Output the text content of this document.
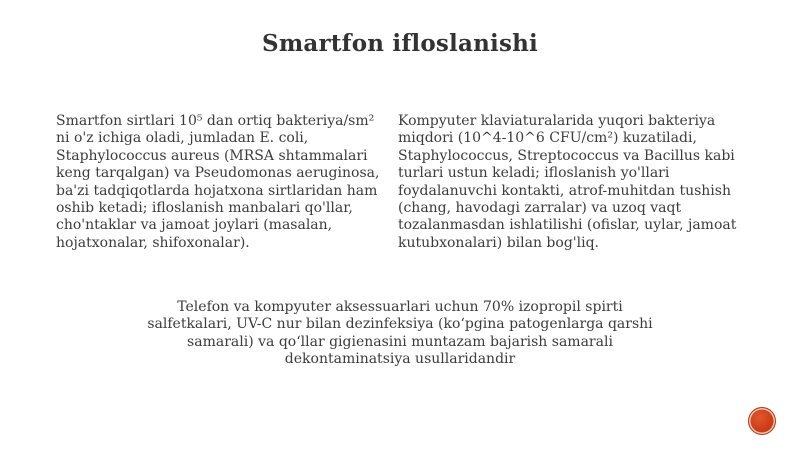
Smartfon ifloslanishi
Smartfon sirtlari 10⁵ dan ortiq bakteriya/sm² ni o'z ichiga oladi, jumladan E. coli, Staphylococcus aureus (MRSA shtammalari keng tarqalgan) va Pseudomonas aeruginosa, ba'zi tadqiqotlarda hojatxona sirtlaridan ham oshib ketadi; ifloslanish manbalari qo'llar, cho'ntaklar va jamoat joylari (masalan, hojatxonalar, shifoxonalar).
Kompyuter klaviaturalarida yuqori bakteriya miqdori (10^4-10^6 CFU/cm²) kuzatiladi, Staphylococcus, Streptococcus va Bacillus kabi turlari ustun keladi; ifloslanish yo'llari foydalanuvchi kontakti, atrof-muhitdan tushish (chang, havodagi zarralar) va uzoq vaqt tozalanmasdan ishlatilishi (ofislar, uylar, jamoat kutubxonalari) bilan bog'liq.
Telefon va kompyuter aksessuarlari uchun 70% izopropil spirti salfetkalari, UV-C nur bilan dezinfeksiya (ko‘pgina patogenlarga qarshi samarali) va qo‘llar gigienasini muntazam bajarish samarali dekontaminatsiya usullaridandir
